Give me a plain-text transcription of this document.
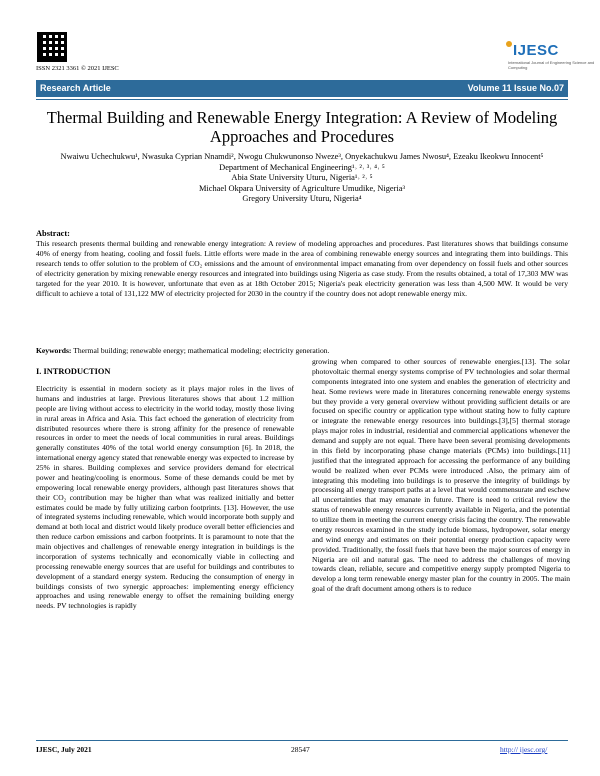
ISSN 2321 3361 © 2021 IJESC
IJESC
International Journal of Engineering Science and Computing
Research Article	Volume 11 Issue No.07
Thermal Building and Renewable Energy Integration: A Review of Modeling Approaches and Procedures
Nwaiwu Uchechukwu¹, Nwasuka Cyprian Nnamdi², Nwogu Chukwunonso Nweze³, Onyekachukwu James Nwosu⁴, Ezeaku Ikeokwu Innocent⁵
Department of Mechanical Engineering¹˒ ²˒ ³˒ ⁴˒ ⁵
Abia State University Uturu, Nigeria¹˒ ²˒ ⁵
Michael Okpara University of Agriculture Umudike, Nigeria³
Gregory University Uturu, Nigeria⁴
Abstract:
This research presents thermal building and renewable energy integration: A review of modeling approaches and procedures. Past literatures shows that buildings consume 40% of energy from heating, cooling and fossil fuels. Little efforts were made in the area of combining renewable energy sources and integrating them into buildings. This research tends to offer solution to the problem of CO₂ emissions and the amount of environmental impact emanating from over dependency on fossil fuels and other sources of electricity generation by mixing renewable energy resources and integrated into buildings using Nigeria as case study. From the results obtained, a total of 17,303 MW was targeted for the year 2010. It is however, unfortunate that even as at 18th October 2015; Nigeria's peak electricity generation was less than 4,500 MW. It would be very difficult to achieve a total of 131,122 MW of electricity projected for 2030 in the country if the country does not adopt renewable energy mix.
Keywords: Thermal building; renewable energy; mathematical modeling; electricity generation.
I. INTRODUCTION
Electricity is essential in modern society as it plays major roles in the lives of humans and industries at large. Previous literatures shows that about 1.2 million people are living without access to electricity in the world today, mostly those living in rural areas in Africa and Asia. This fact echoed the generation of electricity from distributed resources where there is strong affinity for the presence of renewable resources in order to meet the needs of local communities in rural areas. Buildings generally constitutes 40% of the total world energy consumption [6]. In 2018, the international energy agency stated that renewable energy was expected to increase by 25% in shares. Building complexes and service providers demand for electrical power and heating/cooling is enormous. Some of these demands could be met by empowering local renewable energy providers, although past literatures shows that their CO₂ contribution may be higher than what was realized initially and better estimates could be made by fully utilizing carbon footprints. [13]. However, the use of integrated systems including renewable, which would incorporate both supply and demand at both local and district would likely produce overall better efficiencies and then reduce carbon emissions and carbon footprints. It is paramount to note that the main objectives and challenges of renewable energy integration in buildings is the incorporation of systems technically and economically viable in collecting and processing renewable energy sources that are useful for buildings and contributes to development of a standard energy system. Reducing the consumption of energy in buildings consists of two synergic approaches: implementing energy efficiency approaches and using renewable energy to offset the remaining building energy needs. PV technologies is rapidly
growing when compared to other sources of renewable energies.[13]. The solar photovoltaic thermal energy systems comprise of PV technologies and solar thermal components integrated into one system and enables the generation of electricity and heat. Some reviews were made in literatures concerning renewable energy systems but they provide a very general overview without providing sufficient details or are focused on specific country or application type without stating how to fully capture or integrate the renewable energy resources into buildings.[3],[5] thermal storage plays major roles in industrial, residential and commercial applications whenever the demand and supply are not equal. There have been several promising developments in this field by incorporating phase change materials (PCMs) into buildings.[11] justified that the integrated approach for accessing the performance of any building would be realized when ever PCMs were introduced .Also, the primary aim of integrating this modeling into buildings is to preserve the integrity of buildings by processing all energy transport paths at a level that would commensurate and eschew all uncertainties that may emanate in future. There is need to critical review the status of renewable energy resources currently available in Nigeria, and the potential to utilize them in meeting the current energy crisis facing the country. The renewable energy resources examined in the study include biomass, hydropower, solar energy and wind energy and estimates on their potential energy production capacity were provided. Traditionally, the fossil fuels that have been the major sources of energy in Nigeria are oil and natural gas. The need to address the challenges of moving towards clean, reliable, secure and competitive energy supply prompted Nigeria to develop a long term renewable energy master plan for the country in 2005. The main goal of the draft document among others is to reduce
IJESC, July 2021	28547	http:// ijesc.org/
